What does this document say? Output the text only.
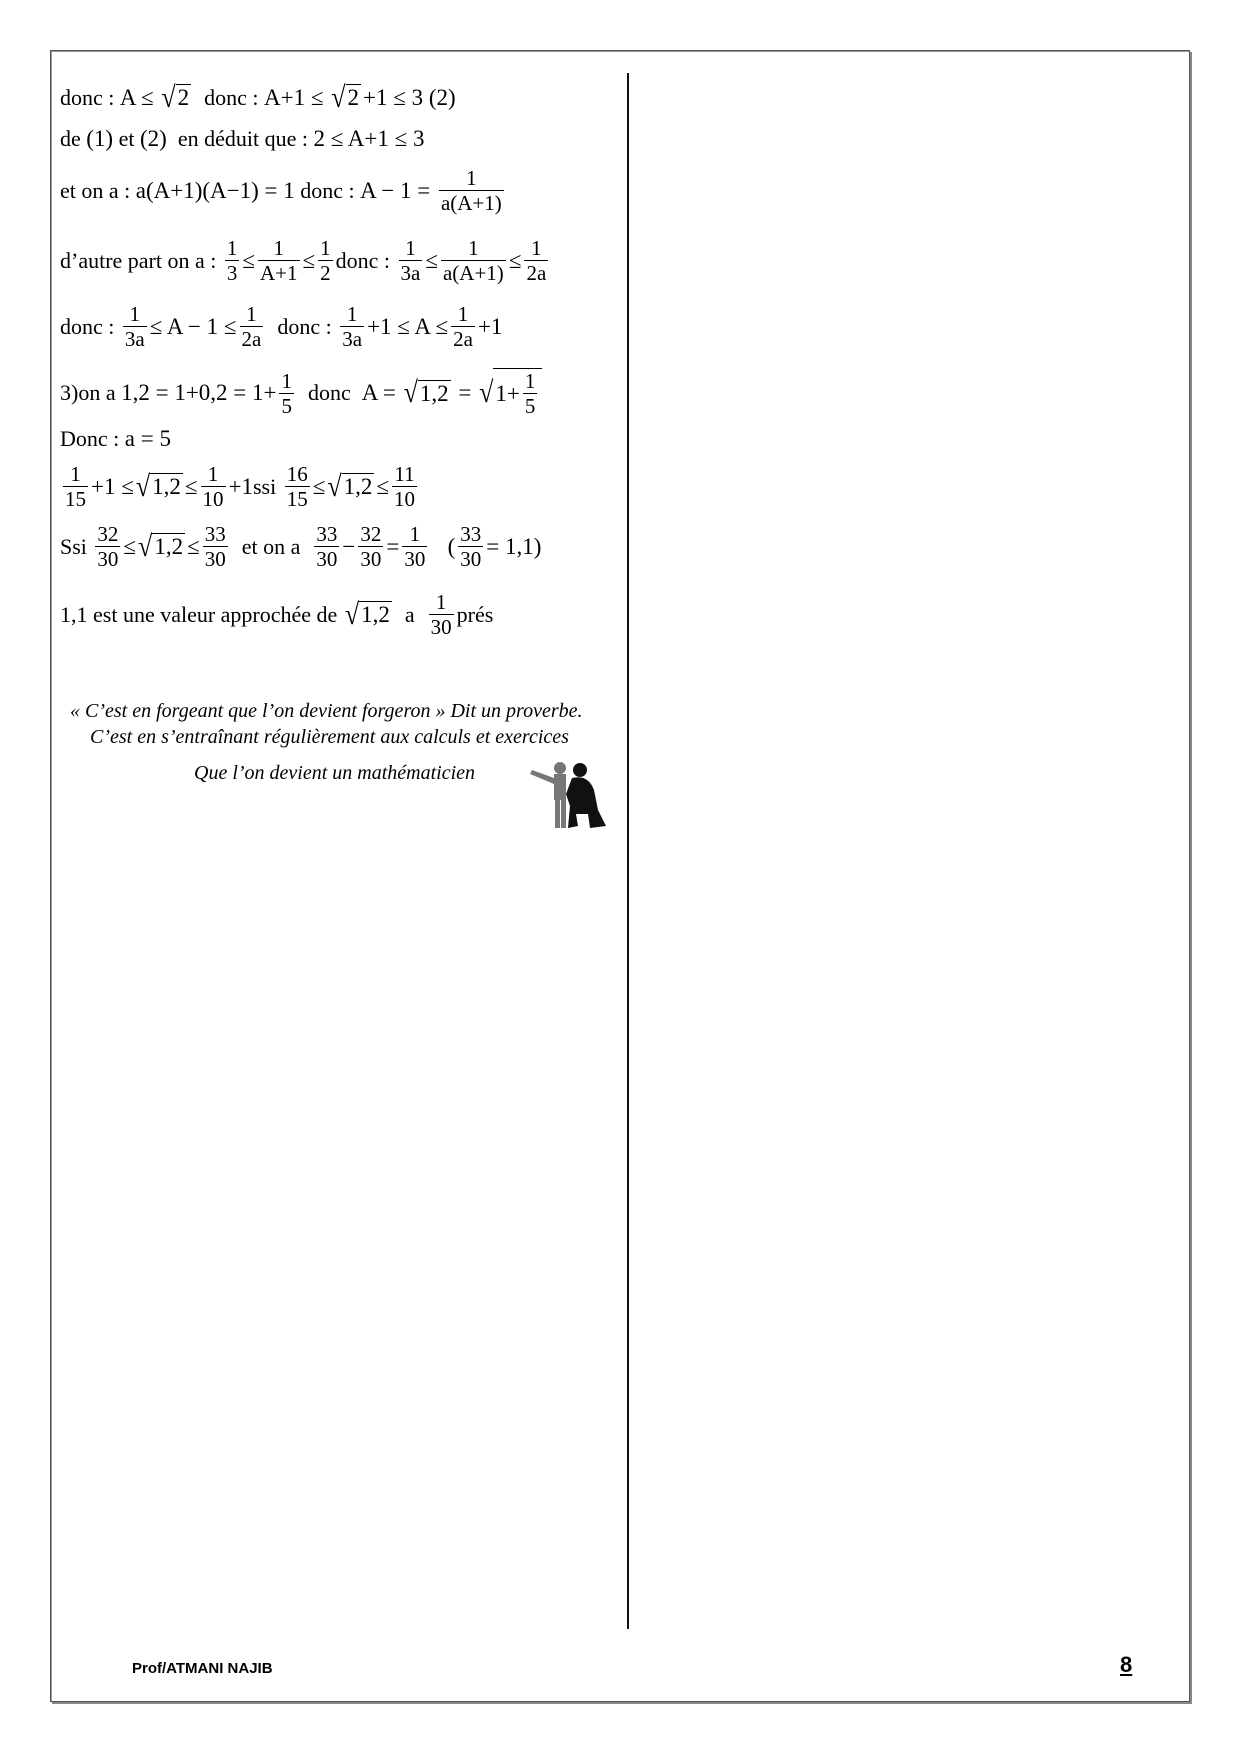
donc : A ≤ √ 2 donc : A+1 ≤ √ 2 +1 ≤ 3 (2)
de (1) et (2) en déduit que : 2 ≤ A+1 ≤ 3
et on a : a(A+1)(A−1) = 1 donc : $A - 1 = \frac{1}{a(A+1)}$
d’autre part on a : $\frac{1}{3} \le \frac{1}{A+1} \le \frac{1}{2}$ donc : $\frac{1}{3a} \le \frac{1}{a(A+1)} \le \frac{1}{2a}$
donc : $\frac{1}{3a} \le A - 1 \le \frac{1}{2a}$ donc : $\frac{1}{3a} +1 \le A \le \frac{1}{2a} +1$
3)on a $1,2 = 1+0,2 = 1+ \frac{1}{5}$ donc A = √ 1,2 = √ $1+ \frac{1}{5}$
Donc : a = 5
$\frac{1}{15} +1$ ≤ √ $1,2 \le \frac{1}{10} +1$ ssi $\frac{16}{15}$ ≤ √ $1,2 \le \frac{11}{10}$
Ssi $\frac{32}{30}$ ≤ √ $1,2 \le \frac{33}{30}$ et on a $\frac{33}{30} - \frac{32}{30} = \frac{1}{30}$ ( $\frac{33}{30} = 1,1$)
1,1 est une valeur approchée de √ 1,2 a $\frac{1}{30}$ prés
« C’est en forgeant que l’on devient forgeron » Dit un proverbe.
C’est en s’entraînant régulièrement aux calculs et exercices
Que l’on devient un mathématicien
Prof/ATMANI NAJIB	8
